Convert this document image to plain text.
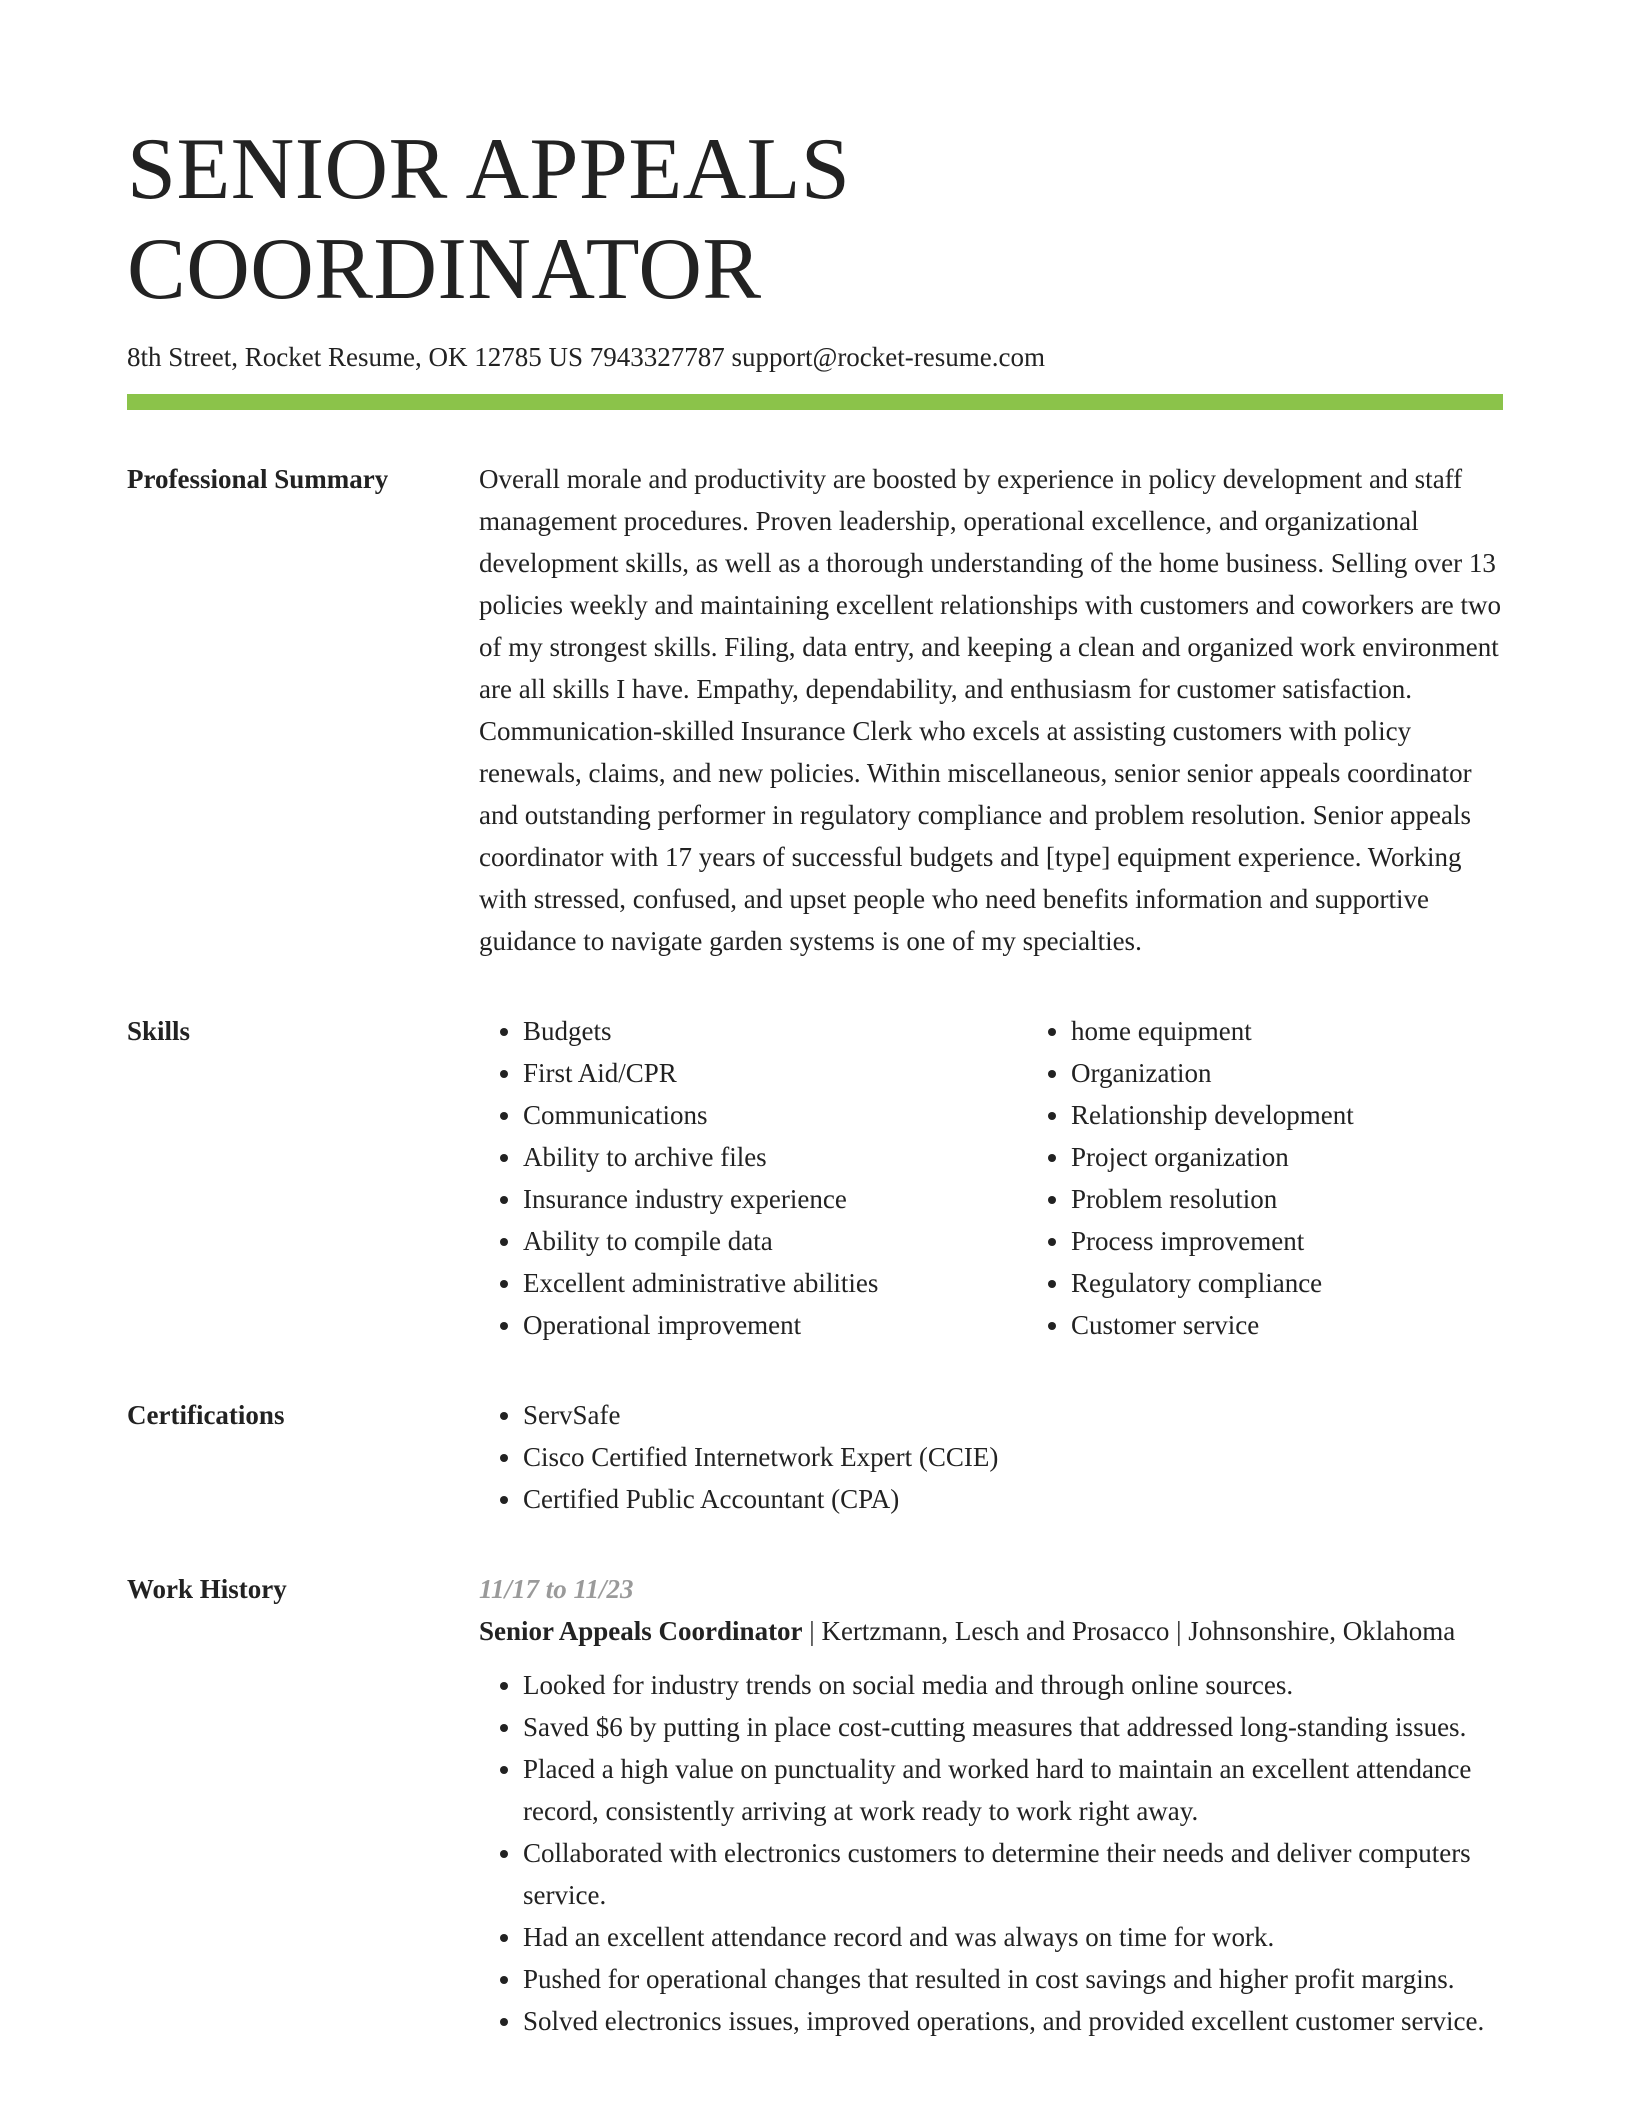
SENIOR APPEALS COORDINATOR
8th Street, Rocket Resume, OK 12785 US 7943327787 support@rocket-resume.com
Professional Summary	Overall morale and productivity are boosted by experience in policy development and staff management procedures. Proven leadership, operational excellence, and organizational development skills, as well as a thorough understanding of the home business. Selling over 13 policies weekly and maintaining excellent relationships with customers and coworkers are two of my strongest skills. Filing, data entry, and keeping a clean and organized work environment are all skills I have. Empathy, dependability, and enthusiasm for customer satisfaction. Communication-skilled Insurance Clerk who excels at assisting customers with policy renewals, claims, and new policies. Within miscellaneous, senior senior appeals coordinator and outstanding performer in regulatory compliance and problem resolution. Senior appeals coordinator with 17 years of successful budgets and [type] equipment experience. Working with stressed, confused, and upset people who need benefits information and supportive guidance to navigate garden systems is one of my specialties.

Skills	• Budgets
• First Aid/CPR
• Communications
• Ability to archive files
• Insurance industry experience
• Ability to compile data
• Excellent administrative abilities
• Operational improvement
• home equipment
• Organization
• Relationship development
• Project organization
• Problem resolution
• Process improvement
• Regulatory compliance
• Customer service
Certifications	• ServSafe
• Cisco Certified Internetwork Expert (CCIE)
• Certified Public Accountant (CPA)
Work History	11/17 to 11/23

Senior Appeals Coordinator | Kertzmann, Lesch and Prosacco | Johnsonshire, Oklahoma

• Looked for industry trends on social media and through online sources.
• Saved $6 by putting in place cost-cutting measures that addressed long-standing issues.
• Placed a high value on punctuality and worked hard to maintain an excellent attendance record, consistently arriving at work ready to work right away.
• Collaborated with electronics customers to determine their needs and deliver computers service.
• Had an excellent attendance record and was always on time for work.
• Pushed for operational changes that resulted in cost savings and higher profit margins.
• Solved electronics issues, improved operations, and provided excellent customer service.
